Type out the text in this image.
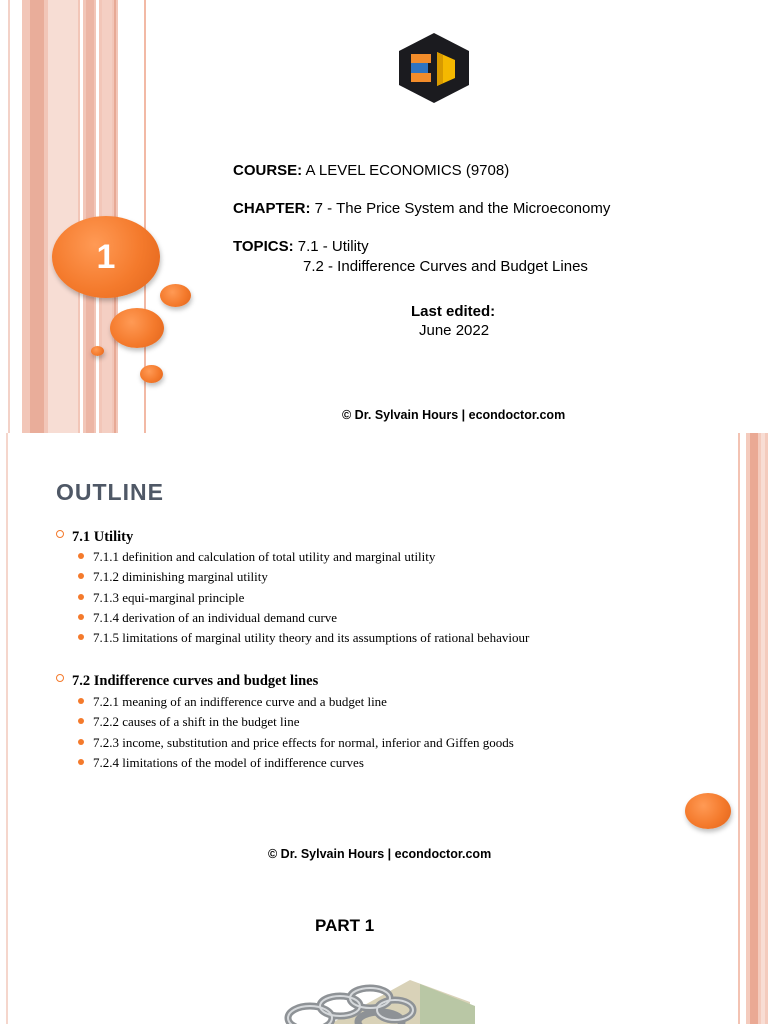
COURSE: A LEVEL ECONOMICS (9708)
CHAPTER: 7 - The Price System and the Microeconomy
TOPICS: 7.1 - Utility
7.2 - Indifference Curves and Budget Lines
Last edited:
June 2022
1
© Dr. Sylvain Hours | econdoctor.com
OUTLINE
7.1 Utility
7.1.1 definition and calculation of total utility and marginal utility
7.1.2 diminishing marginal utility
7.1.3 equi-marginal principle
7.1.4 derivation of an individual demand curve
7.1.5 limitations of marginal utility theory and its assumptions of rational behaviour
7.2 Indifference curves and budget lines
7.2.1 meaning of an indifference curve and a budget line
7.2.2 causes of a shift in the budget line
7.2.3 income, substitution and price effects for normal, inferior and Giffen goods
7.2.4 limitations of the model of indifference curves
© Dr. Sylvain Hours | econdoctor.com
PART 1
